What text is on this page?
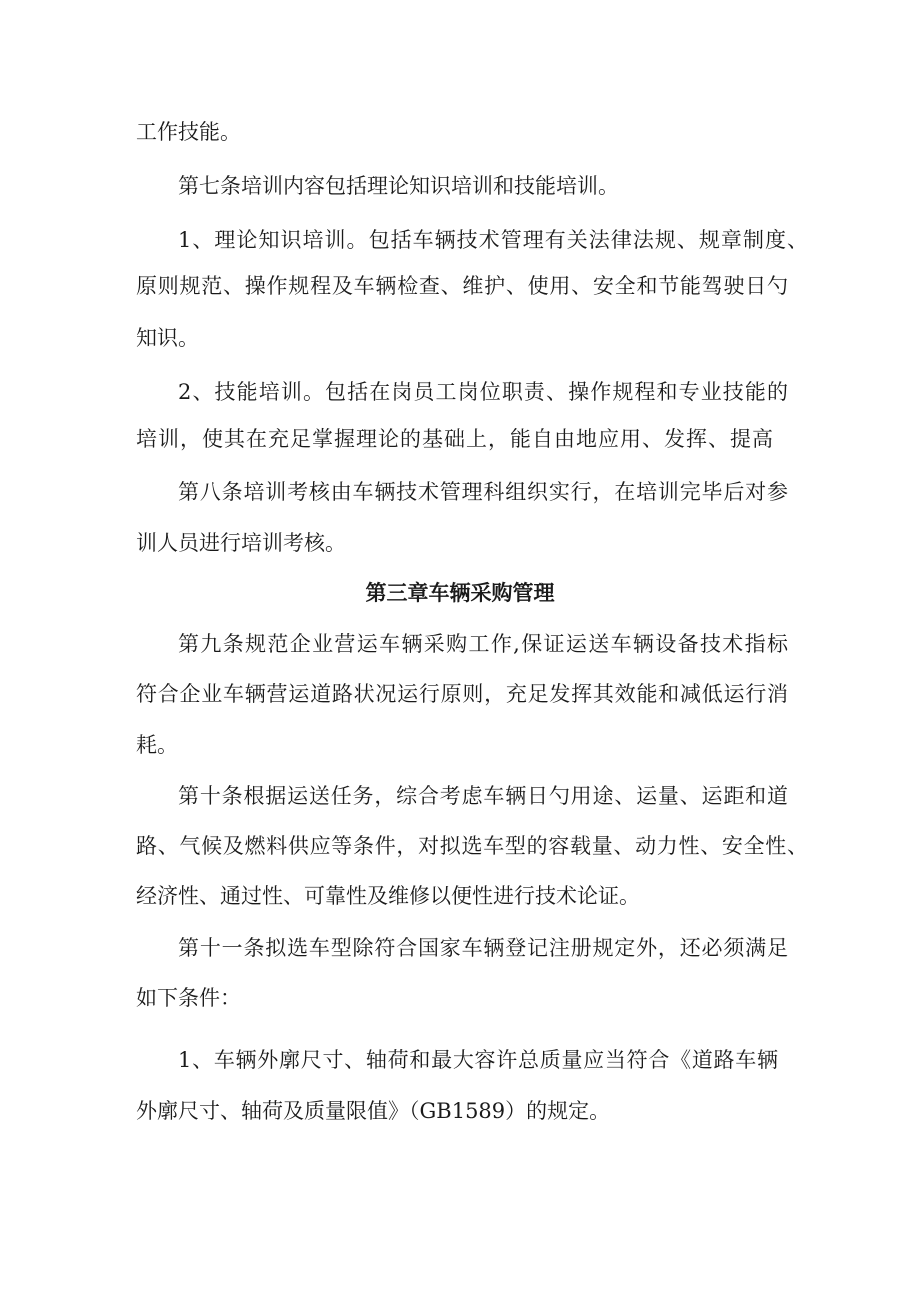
工作技能。

第七条培训内容包括理论知识培训和技能培训。

1、理论知识培训。包括车辆技术管理有关法律法规、规章制度、

原则规范、操作规程及车辆检查、维护、使用、安全和节能驾驶日勺

知识。

2、技能培训。包括在岗员工岗位职责、操作规程和专业技能的

培训，使其在充足掌握理论的基础上，能自由地应用、发挥、提高

第八条培训考核由车辆技术管理科组织实行，在培训完毕后对参

训人员进行培训考核。

第三章车辆采购管理

第九条规范企业营运车辆采购工作,保证运送车辆设备技术指标

符合企业车辆营运道路状况运行原则，充足发挥其效能和减低运行消

耗。

第十条根据运送任务，综合考虑车辆日勺用途、运量、运距和道

路、气候及燃料供应等条件，对拟选车型的容载量、动力性、安全性、

经济性、通过性、可靠性及维修以便性进行技术论证。

第十一条拟选车型除符合国家车辆登记注册规定外，还必须满足

如下条件：

1、车辆外廓尺寸、轴荷和最大容许总质量应当符合《道路车辆

外廓尺寸、轴荷及质量限值》（GB1589）的规定。
